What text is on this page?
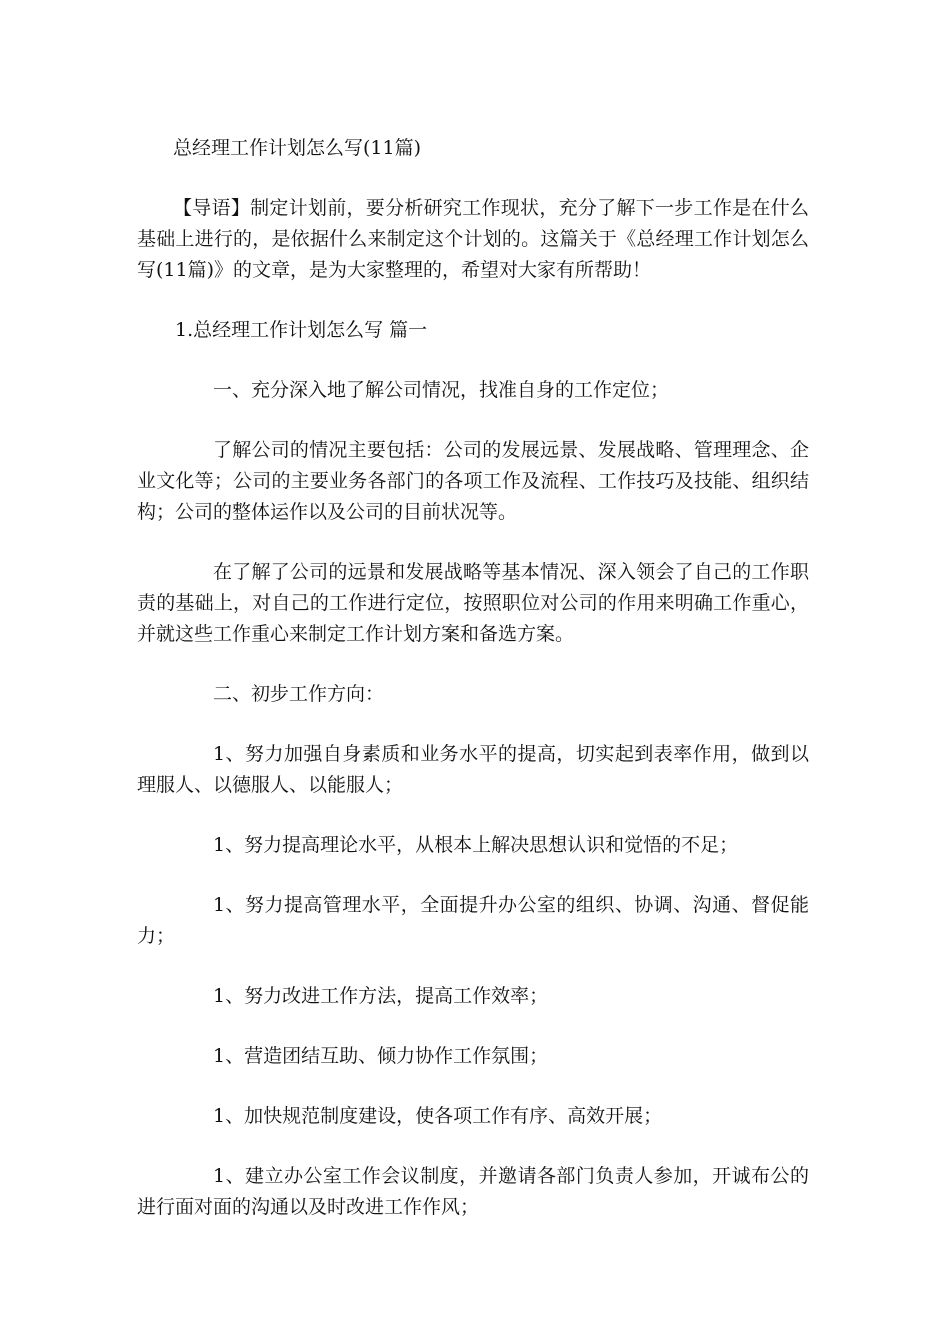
总经理工作计划怎么写(11篇)

【导语】制定计划前，要分析研究工作现状，充分了解下一步工作是在什么基础上进行的，是依据什么来制定这个计划的。这篇关于《总经理工作计划怎么写(11篇)》的文章，是为大家整理的，希望对大家有所帮助！

1.总经理工作计划怎么写 篇一

一、充分深入地了解公司情况，找准自身的工作定位；

了解公司的情况主要包括：公司的发展远景、发展战略、管理理念、企业文化等；公司的主要业务各部门的各项工作及流程、工作技巧及技能、组织结构；公司的整体运作以及公司的目前状况等。

在了解了公司的远景和发展战略等基本情况、深入领会了自己的工作职责的基础上，对自己的工作进行定位，按照职位对公司的作用来明确工作重心，并就这些工作重心来制定工作计划方案和备选方案。

二、初步工作方向：

1、努力加强自身素质和业务水平的提高，切实起到表率作用，做到以理服人、以德服人、以能服人；

1、努力提高理论水平，从根本上解决思想认识和觉悟的不足；

1、努力提高管理水平，全面提升办公室的组织、协调、沟通、督促能力；

1、努力改进工作方法，提高工作效率；

1、营造团结互助、倾力协作工作氛围；

1、加快规范制度建设，使各项工作有序、高效开展；

1、建立办公室工作会议制度，并邀请各部门负责人参加，开诚布公的进行面对面的沟通以及时改进工作作风；
